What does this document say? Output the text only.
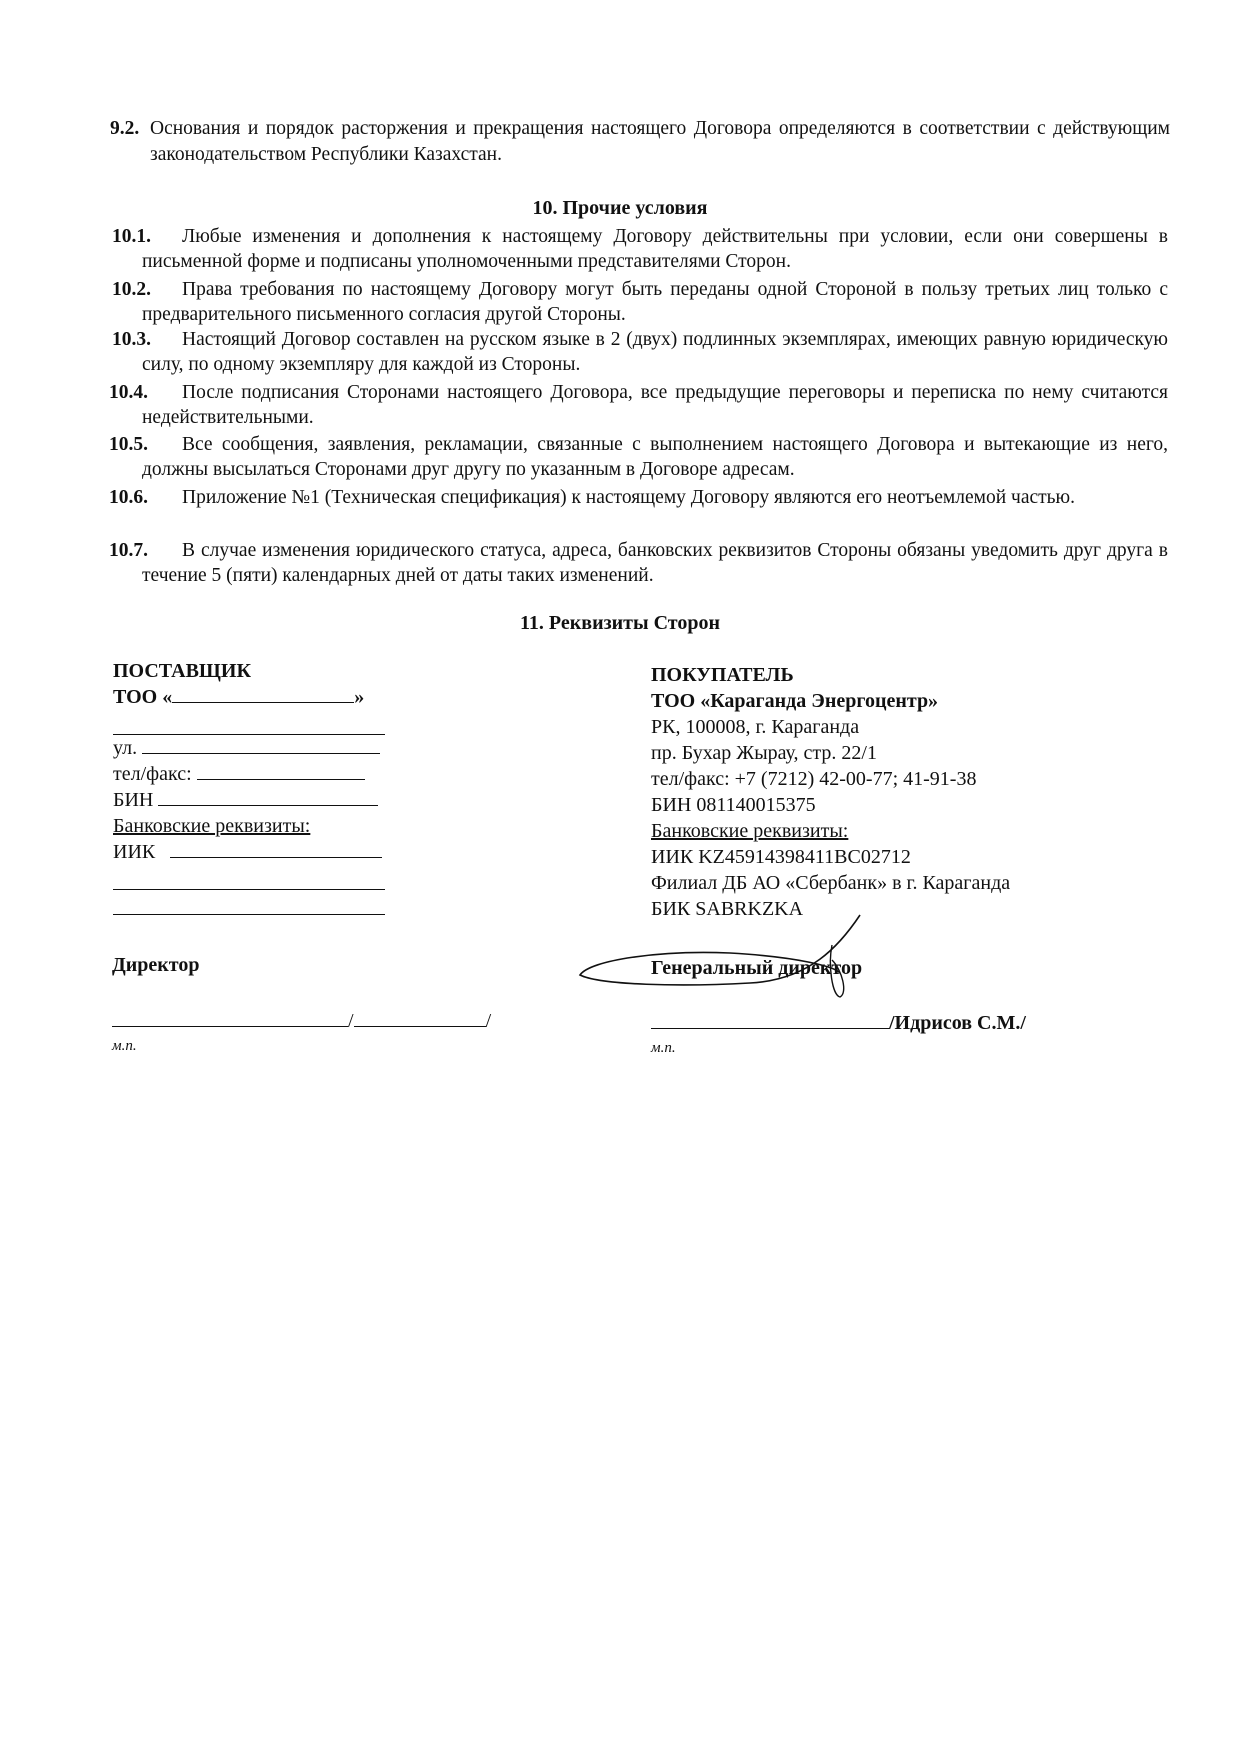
9.2. Основания и порядок расторжения и прекращения настоящего Договора определяются в соответствии с действующим законодательством Республики Казахстан.
10. Прочие условия
10.1. Любые изменения и дополнения к настоящему Договору действительны при условии, если они совершены в письменной форме и подписаны уполномоченными представителями Сторон.
10.2. Права требования по настоящему Договору могут быть переданы одной Стороной в пользу третьих лиц только с предварительного письменного согласия другой Стороны.
10.3. Настоящий Договор составлен на русском языке в 2 (двух) подлинных экземплярах, имеющих равную юридическую силу, по одному экземпляру для каждой из Стороны.
10.4. После подписания Сторонами настоящего Договора, все предыдущие переговоры и переписка по нему считаются недействительными.
10.5. Все сообщения, заявления, рекламации, связанные с выполнением настоящего Договора и вытекающие из него, должны высылаться Сторонами друг другу по указанным в Договоре адресам.
10.6. Приложение №1 (Техническая спецификация) к настоящему Договору являются его неотъемлемой частью.
10.7. В случае изменения юридического статуса, адреса, банковских реквизитов Стороны обязаны уведомить друг друга в течение 5 (пяти) календарных дней от даты таких изменений.
11. Реквизиты Сторон
ПОСТАВЩИК
ТОО «	»
ул.
тел/факс:
БИН
Банковские реквизиты:
ИИК
Директор
/	/
м.п.
ПОКУПАТЕЛЬ
ТОО «Караганда Энергоцентр»
РК, 100008, г. Караганда
пр. Бухар Жырау, стр. 22/1
тел/факс: +7 (7212) 42-00-77; 41-91-38
БИН 081140015375
Банковские реквизиты:
ИИК KZ45914398411BC02712
Филиал ДБ АО «Сбербанк» в г. Караганда
БИК SABRKZKA
Генеральный директор
/Идрисов С.М./
м.п.
